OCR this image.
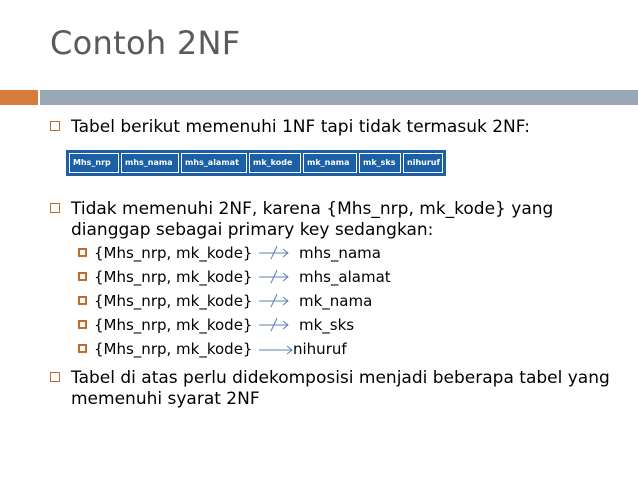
Contoh 2NF
Tabel berikut memenuhi 1NF tapi tidak termasuk 2NF:
Mhs_nrp	mhs_nama	mhs_alamat	mk_kode	mk_nama	mk_sks	nihuruf
Tidak memenuhi 2NF, karena {Mhs_nrp, mk_kode} yang dianggap sebagai primary key sedangkan:
{Mhs_nrp, mk_kode}	mhs_nama
{Mhs_nrp, mk_kode}	mhs_alamat
{Mhs_nrp, mk_kode}	mk_nama
{Mhs_nrp, mk_kode}	mk_sks
{Mhs_nrp, mk_kode}	nihuruf
Tabel di atas perlu didekomposisi menjadi beberapa tabel yang memenuhi syarat 2NF
